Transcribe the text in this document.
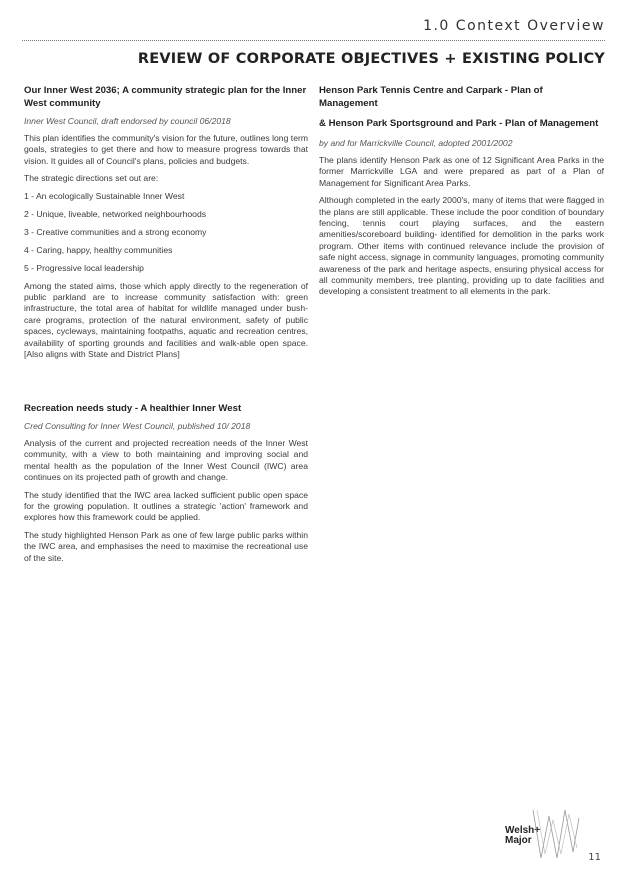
1.0 Context Overview
REVIEW OF CORPORATE OBJECTIVES + EXISTING POLICY
Our Inner West 2036; A community strategic plan for the Inner West community
Inner West Council, draft endorsed by council 06/2018

This plan identifies the community's vision for the future, outlines long term goals, strategies to get there and how to measure progress towards that vision. It guides all of Council's plans, policies and budgets.

The strategic directions set out are:

1 - An ecologically Sustainable Inner West
2 - Unique, liveable, networked neighbourhoods
3 - Creative communities and a strong economy
4 - Caring, happy, healthy communities
5 - Progressive local leadership

Among the stated aims, those which apply directly to the regeneration of public parkland are to increase community satisfaction with: green infrastructure, the total area of habitat for wildlife managed under bush-care programs, protection of the natural environment, safety of public spaces, cycleways, maintaining footpaths, aquatic and recreation centres, availability of sporting grounds and facilities and walk-able open space. [Also aligns with State and District Plans]

Recreation needs study - A healthier Inner West
Cred Consulting for Inner West Council, published 10/ 2018

Analysis of the current and projected recreation needs of the Inner West community, with a view to both maintaining and improving social and mental health as the population of the Inner West Council (IWC) area continues on its projected path of growth and change.

The study identified that the IWC area lacked sufficient public open space for the growing population. It outlines a strategic 'action' framework and explores how this framework could be applied.

The study highlighted Henson Park as one of few large public parks within the IWC area, and emphasises the need to maximise the recreational use of the site.

Henson Park Tennis Centre and Carpark - Plan of Management
& Henson Park Sportsground and Park - Plan of Management
by and for Marrickville Council, adopted 2001/2002

The plans identify Henson Park as one of 12 Significant Area Parks in the former Marrickville LGA and were prepared as part of a Plan of Management for Significant Area Parks.

Although completed in the early 2000's, many of items that were flagged in the plans are still applicable. These include the poor condition of boundary fencing, tennis court playing surfaces, and the eastern amenities/scoreboard building- identified for demolition in the parks work program. Other items with continued relevance include the provision of safe night access, signage in community languages, promoting community awareness of the park and heritage aspects, ensuring physical access for all community members, tree planting, providing up to date facilities and developing a consistent treatment to all elements in the park.

Welsh+
Major
11
